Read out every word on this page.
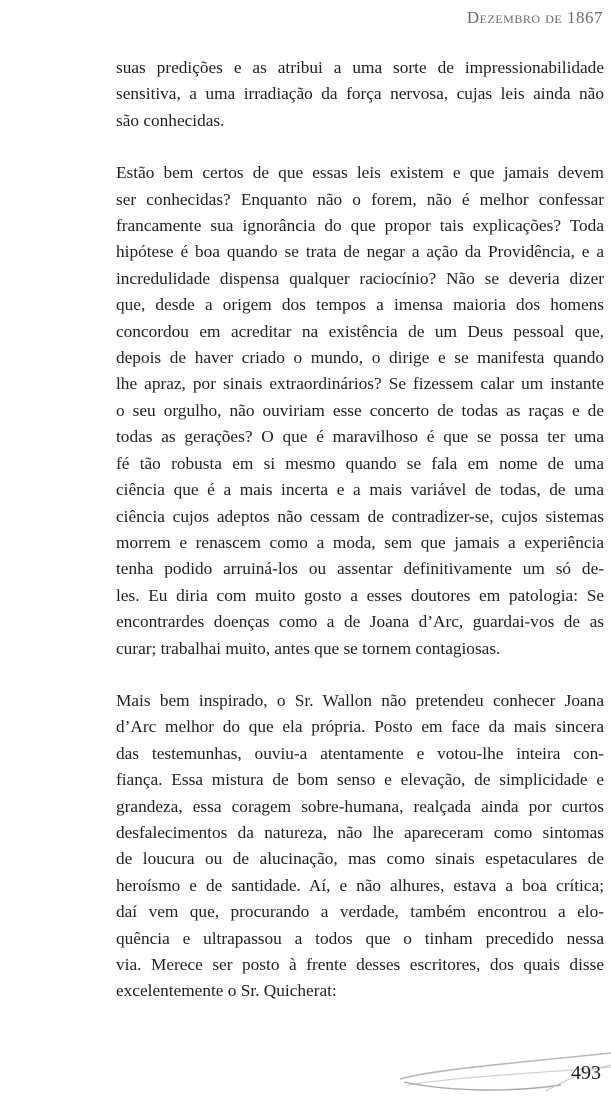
Dezembro de 1867

suas predições e as atribui a uma sorte de impressionabilidade
sensitiva, a uma irradiação da força nervosa, cujas leis ainda não
são conhecidas.

Estão bem certos de que essas leis existem e que jamais devem
ser conhecidas? Enquanto não o forem, não é melhor confessar
francamente sua ignorância do que propor tais explicações? Toda
hipótese é boa quando se trata de negar a ação da Providência, e a
incredulidade dispensa qualquer raciocínio? Não se deveria dizer
que, desde a origem dos tempos a imensa maioria dos homens
concordou em acreditar na existência de um Deus pessoal que,
depois de haver criado o mundo, o dirige e se manifesta quando
lhe apraz, por sinais extraordinários? Se fizessem calar um instante
o seu orgulho, não ouviriam esse concerto de todas as raças e de
todas as gerações? O que é maravilhoso é que se possa ter uma
fé tão robusta em si mesmo quando se fala em nome de uma
ciência que é a mais incerta e a mais variável de todas, de uma
ciência cujos adeptos não cessam de contradizer-se, cujos sistemas
morrem e renascem como a moda, sem que jamais a experiência
tenha podido arruiná-los ou assentar definitivamente um só de-
les. Eu diria com muito gosto a esses doutores em patologia: Se
encontrardes doenças como a de Joana d’Arc, guardai-vos de as
curar; trabalhai muito, antes que se tornem contagiosas.

Mais bem inspirado, o Sr. Wallon não pretendeu conhecer Joana
d’Arc melhor do que ela própria. Posto em face da mais sincera
das testemunhas, ouviu-a atentamente e votou-lhe inteira con-
fiança. Essa mistura de bom senso e elevação, de simplicidade e
grandeza, essa coragem sobre-humana, realçada ainda por curtos
desfalecimentos da natureza, não lhe apareceram como sintomas
de loucura ou de alucinação, mas como sinais espetaculares de
heroísmo e de santidade. Aí, e não alhures, estava a boa crítica;
daí vem que, procurando a verdade, também encontrou a elo-
quência e ultrapassou a todos que o tinham precedido nessa
via. Merece ser posto à frente desses escritores, dos quais disse
excelentemente o Sr. Quicherat:

493
